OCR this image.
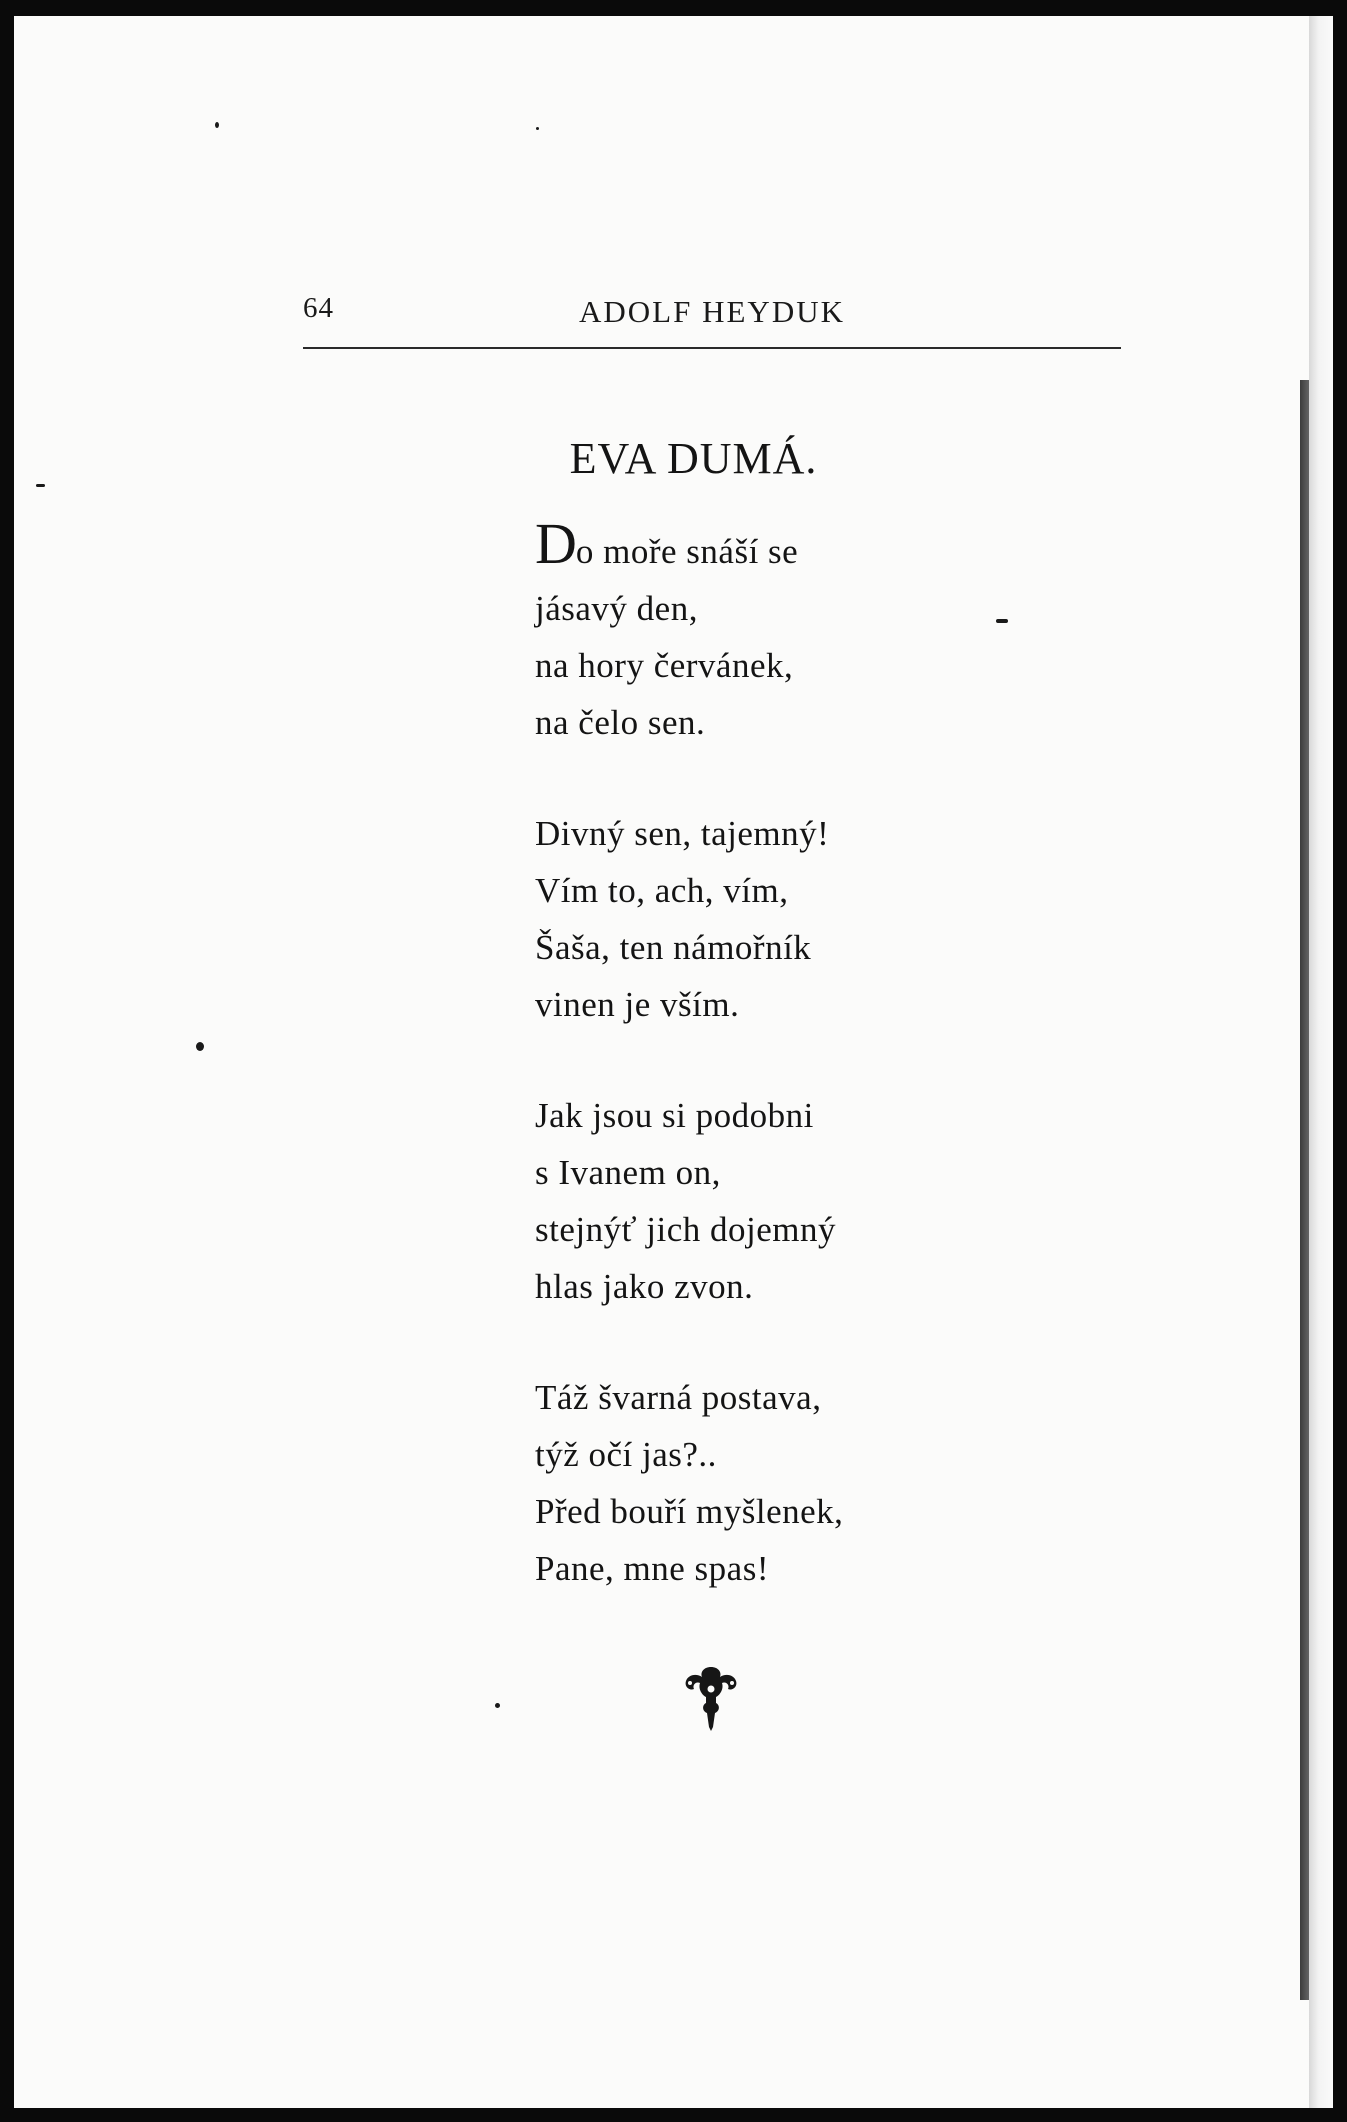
64	ADOLF HEYDUK
EVA DUMÁ.
Do moře snáší se
jásavý den,
na hory červánek,
na čelo sen.
Divný sen, tajemný!
Vím to, ach, vím,
Šaša, ten námořník
vinen je vším.
Jak jsou si podobni
s Ivanem on,
stejnýť jich dojemný
hlas jako zvon.
Táž švarná postava,
týž očí jas?..
Před bouří myšlenek,
Pane, mne spas!
